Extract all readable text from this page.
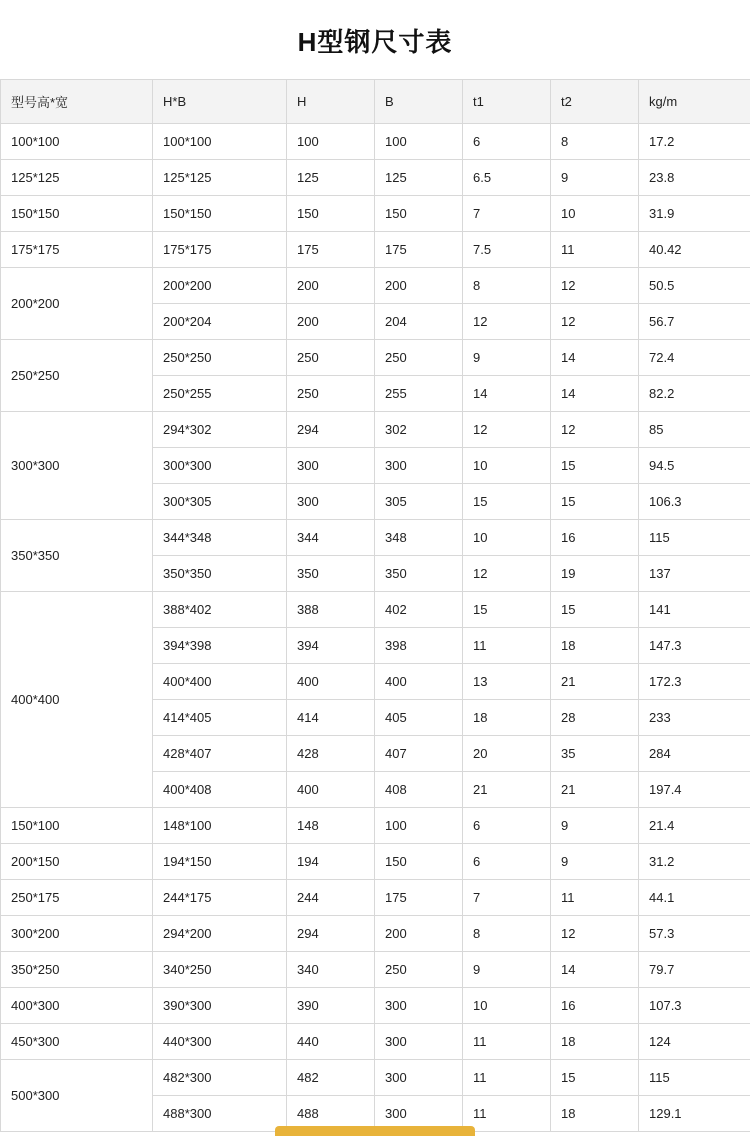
H型钢尺寸表
型号高*宽	H*B	H	B	t1	t2	kg/m
100*100	100*100	100	100	6	8	17.2
125*125	125*125	125	125	6.5	9	23.8
150*150	150*150	150	150	7	10	31.9
175*175	175*175	175	175	7.5	11	40.42
200*200	200*200	200	200	8	12	50.5
	200*204	200	204	12	12	56.7
250*250	250*250	250	250	9	14	72.4
	250*255	250	255	14	14	82.2
300*300	294*302	294	302	12	12	85
	300*300	300	300	10	15	94.5
	300*305	300	305	15	15	106.3
350*350	344*348	344	348	10	16	115
	350*350	350	350	12	19	137
400*400	388*402	388	402	15	15	141
	394*398	394	398	11	18	147.3
	400*400	400	400	13	21	172.3
	414*405	414	405	18	28	233
	428*407	428	407	20	35	284
	400*408	400	408	21	21	197.4
150*100	148*100	148	100	6	9	21.4
200*150	194*150	194	150	6	9	31.2
250*175	244*175	244	175	7	11	44.1
300*200	294*200	294	200	8	12	57.3
350*250	340*250	340	250	9	14	79.7
400*300	390*300	390	300	10	16	107.3
450*300	440*300	440	300	11	18	124
500*300	482*300	482	300	11	15	115
	488*300	488	300	11	18	129.1
